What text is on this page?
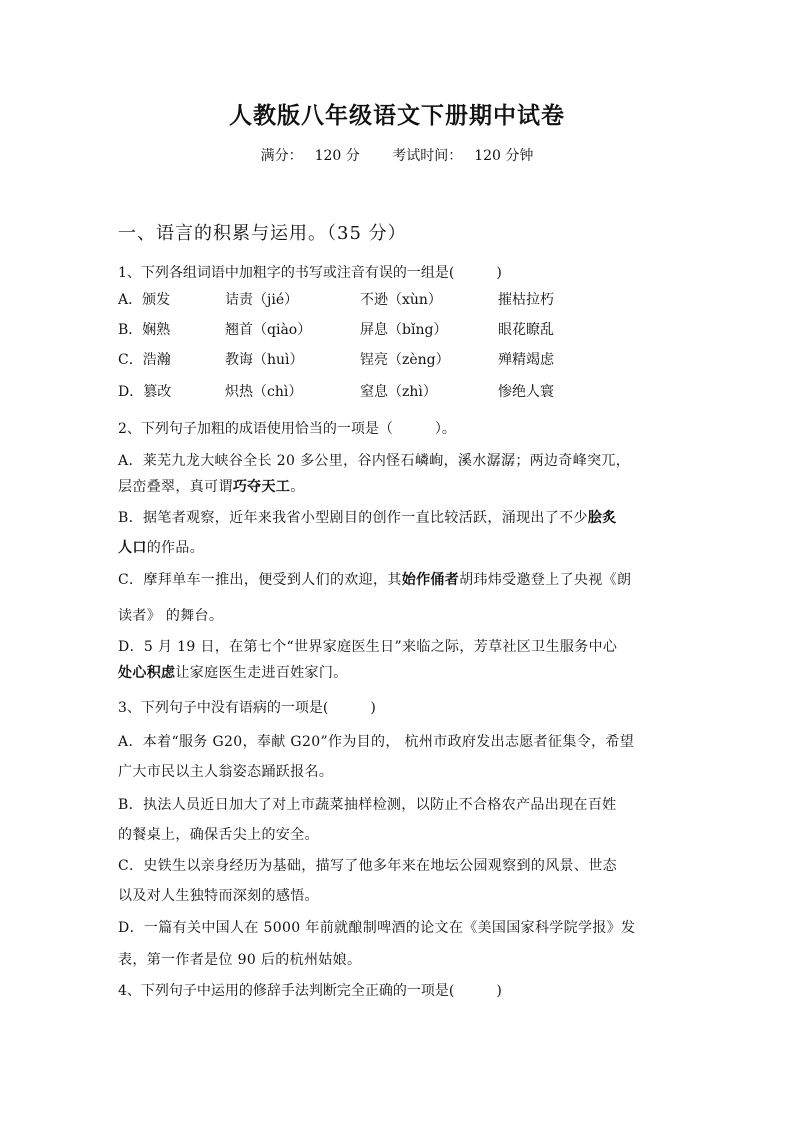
人教版八年级语文下册期中试卷
满分： 120 分 考试时间： 120 分钟
一、语言的积累与运用。（35 分）
1、下列各组词语中加粗字的书写或注音有误的一组是(　　　)
A．颁发	诘责（jié）	不逊（xùn）	摧枯拉朽
B．娴熟	翘首（qiào）	屏息（bǐng）	眼花瞭乱
C．浩瀚	教诲（huì）	锃亮（zèng）	殚精竭虑
D．篡改	炽热（chì）	窒息（zhì）	惨绝人寰
2、下列句子加粗的成语使用恰当的一项是（　　　）。
A．莱芜九龙大峡谷全长 20 多公里，谷内怪石嶙峋，溪水潺潺；两边奇峰突兀，
层峦叠翠，真可谓巧夺天工。
B．据笔者观察，近年来我省小型剧目的创作一直比较活跃，涌现出了不少脍炙
人口的作品。
C．摩拜单车一推出，便受到人们的欢迎，其始作俑者胡玮炜受邀登上了央视《朗
读者》 的舞台。
D．5 月 19 日，在第七个“世界家庭医生日”来临之际，芳草社区卫生服务中心
处心积虑让家庭医生走进百姓家门。
3、下列句子中没有语病的一项是(　　　)
A．本着“服务 G20，奉献 G20”作为目的， 杭州市政府发出志愿者征集令，希望
广大市民以主人翁姿态踊跃报名。
B．执法人员近日加大了对上市蔬菜抽样检测，以防止不合格农产品出现在百姓
的餐桌上，确保舌尖上的安全。
C．史铁生以亲身经历为基础，描写了他多年来在地坛公园观察到的风景、世态
以及对人生独特而深刻的感悟。
D．一篇有关中国人在 5000 年前就酿制啤酒的论文在《美国国家科学院学报》发
表，第一作者是位 90 后的杭州姑娘。
4、下列句子中运用的修辞手法判断完全正确的一项是(　　　)
